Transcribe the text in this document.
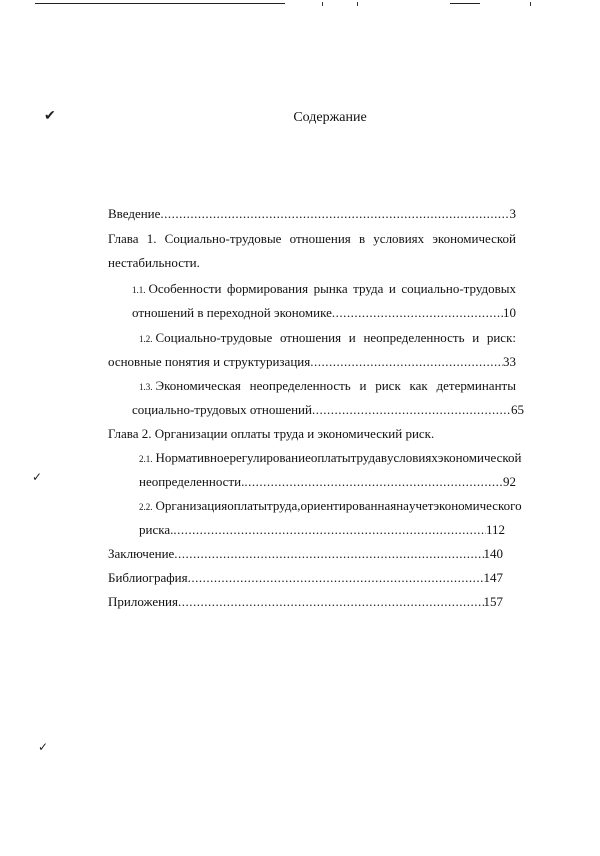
✔
✓
✓
Содержание
Введение .....	3
Глава 1. Социально-трудовые отношения в условиях экономической
нестабильности.
1.1. Особенности формирования рынка труда и социально-трудовых
отношений в переходной экономике .....	10
1.2. Социально-трудовые отношения и неопределенность и риск:
основные понятия и структуризация .....	33
1.3. Экономическая неопределенность и риск как детерминанты
социально-трудовых отношений .....	65
Глава 2. Организации оплаты труда и экономический риск.
2.1. Нормативное регулирование оплаты труда в условиях экономической
неопределенности. .....	92
2.2. Организация оплаты труда, ориентированная на учет экономического
риска. .....	112
Заключение .....	140
Библиография .....	147
Приложения .....	157
